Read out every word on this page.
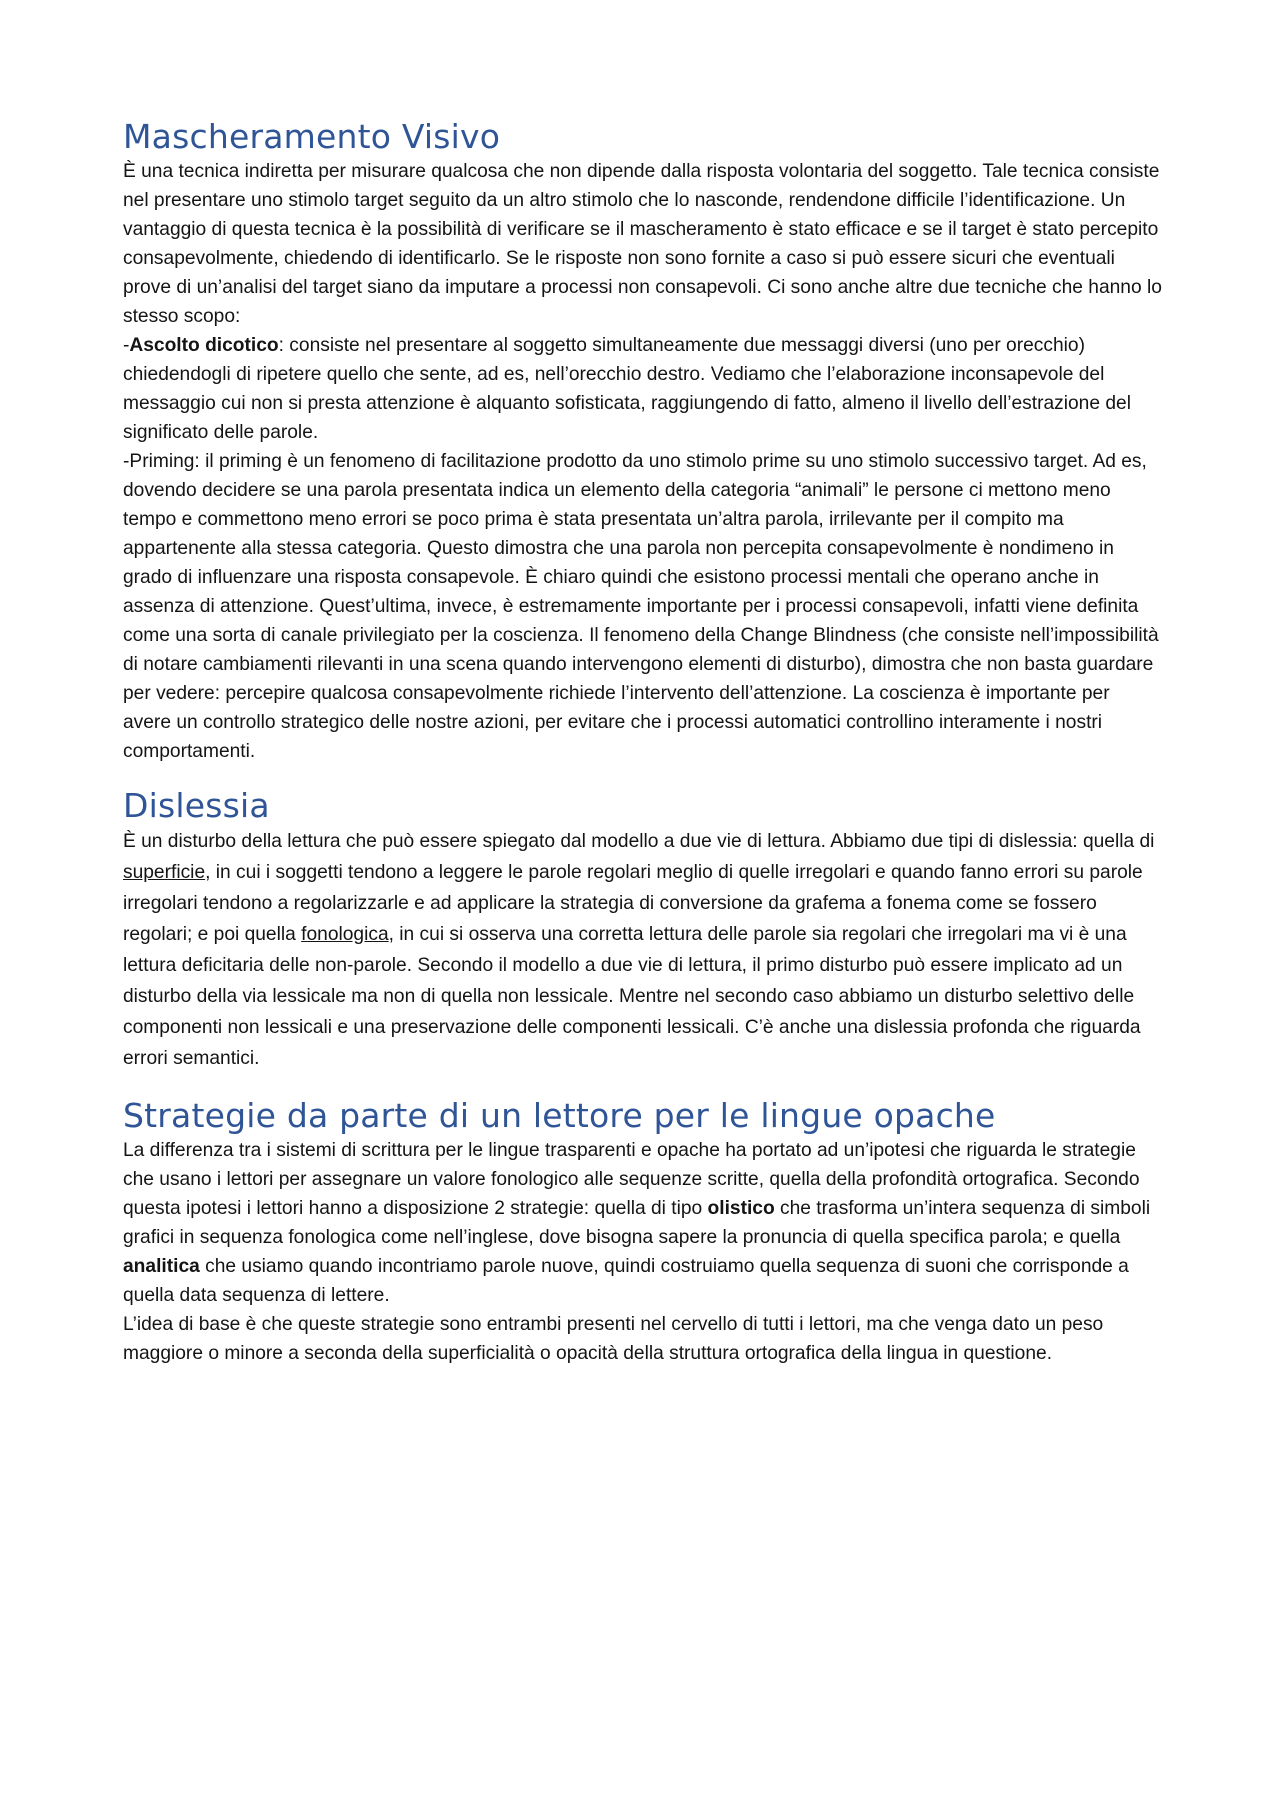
Mascheramento Visivo

È una tecnica indiretta per misurare qualcosa che non dipende dalla risposta volontaria del soggetto. Tale tecnica consiste nel presentare uno stimolo target seguito da un altro stimolo che lo nasconde, rendendone difficile l’identificazione. Un vantaggio di questa tecnica è la possibilità di verificare se il mascheramento è stato efficace e se il target è stato percepito consapevolmente, chiedendo di identificarlo. Se le risposte non sono fornite a caso si può essere sicuri che eventuali prove di un’analisi del target siano da imputare a processi non consapevoli. Ci sono anche altre due tecniche che hanno lo stesso scopo:

-Ascolto dicotico: consiste nel presentare al soggetto simultaneamente due messaggi diversi (uno per orecchio) chiedendogli di ripetere quello che sente, ad es, nell’orecchio destro. Vediamo che l’elaborazione inconsapevole del messaggio cui non si presta attenzione è alquanto sofisticata, raggiungendo di fatto, almeno il livello dell’estrazione del significato delle parole.

-Priming: il priming è un fenomeno di facilitazione prodotto da uno stimolo prime su uno stimolo successivo target. Ad es, dovendo decidere se una parola presentata indica un elemento della categoria “animali” le persone ci mettono meno tempo e commettono meno errori se poco prima è stata presentata un’altra parola, irrilevante per il compito ma appartenente alla stessa categoria. Questo dimostra che una parola non percepita consapevolmente è nondimeno in grado di influenzare una risposta consapevole. È chiaro quindi che esistono processi mentali che operano anche in assenza di attenzione. Quest’ultima, invece, è estremamente importante per i processi consapevoli, infatti viene definita come una sorta di canale privilegiato per la coscienza. Il fenomeno della Change Blindness (che consiste nell’impossibilità di notare cambiamenti rilevanti in una scena quando intervengono elementi di disturbo), dimostra che non basta guardare per vedere: percepire qualcosa consapevolmente richiede l’intervento dell’attenzione. La coscienza è importante per avere un controllo strategico delle nostre azioni, per evitare che i processi automatici controllino interamente i nostri comportamenti.

Dislessia

È un disturbo della lettura che può essere spiegato dal modello a due vie di lettura. Abbiamo due tipi di dislessia: quella di superficie, in cui i soggetti tendono a leggere le parole regolari meglio di quelle irregolari e quando fanno errori su parole irregolari tendono a regolarizzarle e ad applicare la strategia di conversione da grafema a fonema come se fossero regolari; e poi quella fonologica, in cui si osserva una corretta lettura delle parole sia regolari che irregolari ma vi è una lettura deficitaria delle non-parole. Secondo il modello a due vie di lettura, il primo disturbo può essere implicato ad un disturbo della via lessicale ma non di quella non lessicale. Mentre nel secondo caso abbiamo un disturbo selettivo delle componenti non lessicali e una preservazione delle componenti lessicali. C’è anche una dislessia profonda che riguarda errori semantici.

Strategie da parte di un lettore per le lingue opache

La differenza tra i sistemi di scrittura per le lingue trasparenti e opache ha portato ad un’ipotesi che riguarda le strategie che usano i lettori per assegnare un valore fonologico alle sequenze scritte, quella della profondità ortografica. Secondo questa ipotesi i lettori hanno a disposizione 2 strategie: quella di tipo olistico che trasforma un’intera sequenza di simboli grafici in sequenza fonologica come nell’inglese, dove bisogna sapere la pronuncia di quella specifica parola; e quella analitica che usiamo quando incontriamo parole nuove, quindi costruiamo quella sequenza di suoni che corrisponde a quella data sequenza di lettere.

L’idea di base è che queste strategie sono entrambi presenti nel cervello di tutti i lettori, ma che venga dato un peso maggiore o minore a seconda della superficialità o opacità della struttura ortografica della lingua in questione.
